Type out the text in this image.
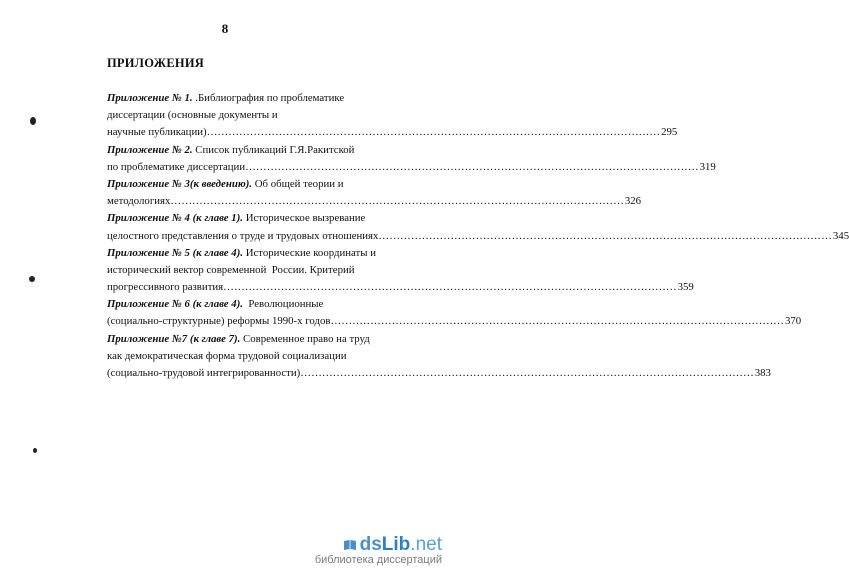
8
ПРИЛОЖЕНИЯ
Приложение № 1. .Библиография по проблематике
диссертации (основные документы и
научные публикации) ……………………………………………………………………………………………………………… 295
Приложение № 2. Список публикаций Г.Я.Ракитской
по проблематике диссертации ……………………………………………………………………………………………………………… 319
Приложение № 3(к введению). Об общей теории и
методологиях ……………………………………………………………………………………………………………… 326
Приложение № 4 (к главе 1). Историческое вызревание
целостного представления о труде и трудовых отношениях ……………………………………………………………………………………………………………… 345
Приложение № 5 (к главе 4). Исторические координаты и
исторический вектор современной  России. Критерий
прогрессивного развития ……………………………………………………………………………………………………………… 359
Приложение № 6 (к главе 4).  Революционные
(социально-структурные) реформы 1990-х годов ……………………………………………………………………………………………………………… 370
Приложение №7 (к главе 7). Современное право на труд
как демократическая форма трудовой социализации
(социально-трудовой интегрированности) ……………………………………………………………………………………………………………… 383
ds Lib .net
библиотека диссертаций
